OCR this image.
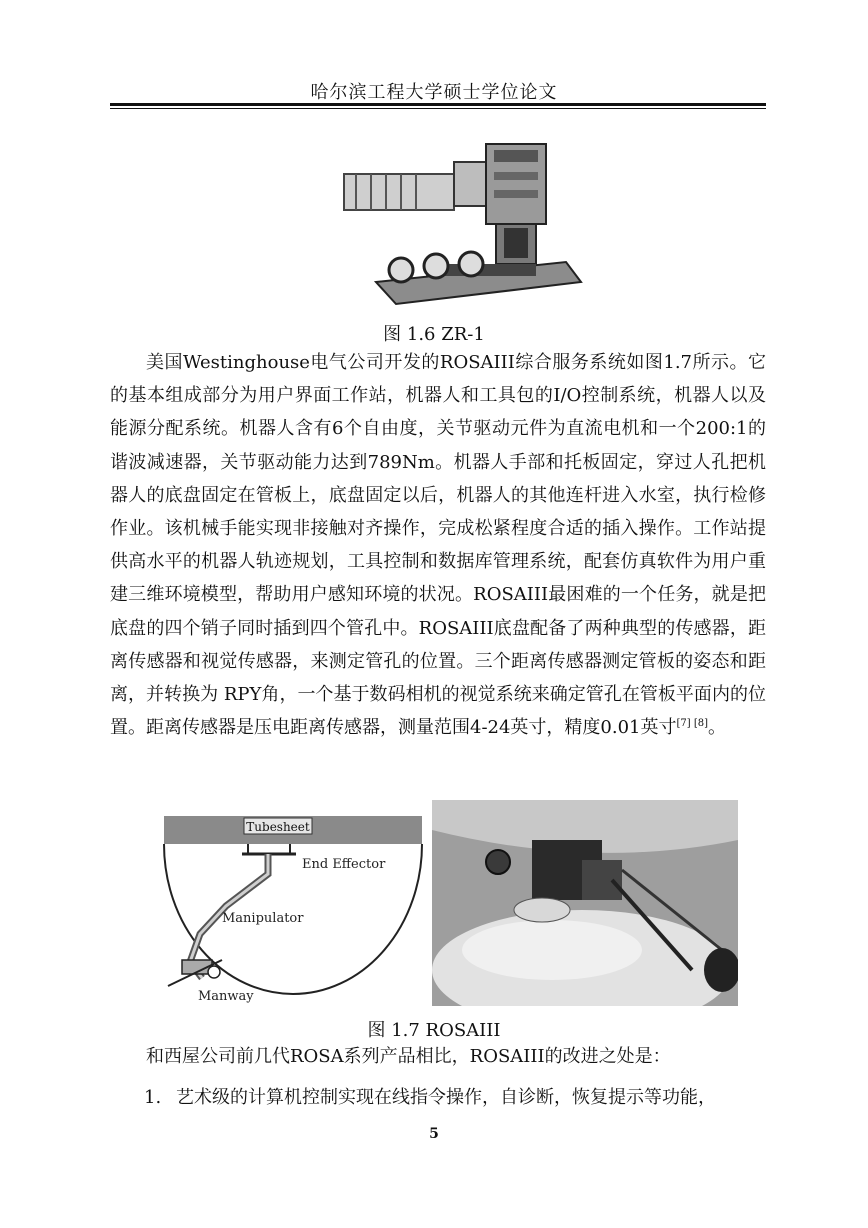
哈尔滨工程大学硕士学位论文
图 1.6 ZR-1

美国Westinghouse电气公司开发的ROSAIII综合服务系统如图1.7所示。它的基本组成部分为用户界面工作站，机器人和工具包的I/O控制系统，机器人以及能源分配系统。机器人含有6个自由度，关节驱动元件为直流电机和一个200:1的谐波减速器，关节驱动能力达到789Nm。机器人手部和托板固定，穿过人孔把机器人的底盘固定在管板上，底盘固定以后，机器人的其他连杆进入水室，执行检修作业。该机械手能实现非接触对齐操作，完成松紧程度合适的插入操作。工作站提供高水平的机器人轨迹规划，工具控制和数据库管理系统，配套仿真软件为用户重建三维环境模型，帮助用户感知环境的状况。ROSAIII最困难的一个任务，就是把底盘的四个销子同时插到四个管孔中。ROSAIII底盘配备了两种典型的传感器，距离传感器和视觉传感器，来测定管孔的位置。三个距离传感器测定管板的姿态和距离，并转换为 RPY角，一个基于数码相机的视觉系统来确定管孔在管板平面内的位置。距离传感器是压电距离传感器，测量范围4-24英寸，精度0.01英寸[7] [8]。

Tubesheet
End Effector
Manipulator
Manway
图 1.7 ROSAIII

和西屋公司前几代ROSA系列产品相比，ROSAIII的改进之处是：

1. 艺术级的计算机控制实现在线指令操作，自诊断，恢复提示等功能，

5
